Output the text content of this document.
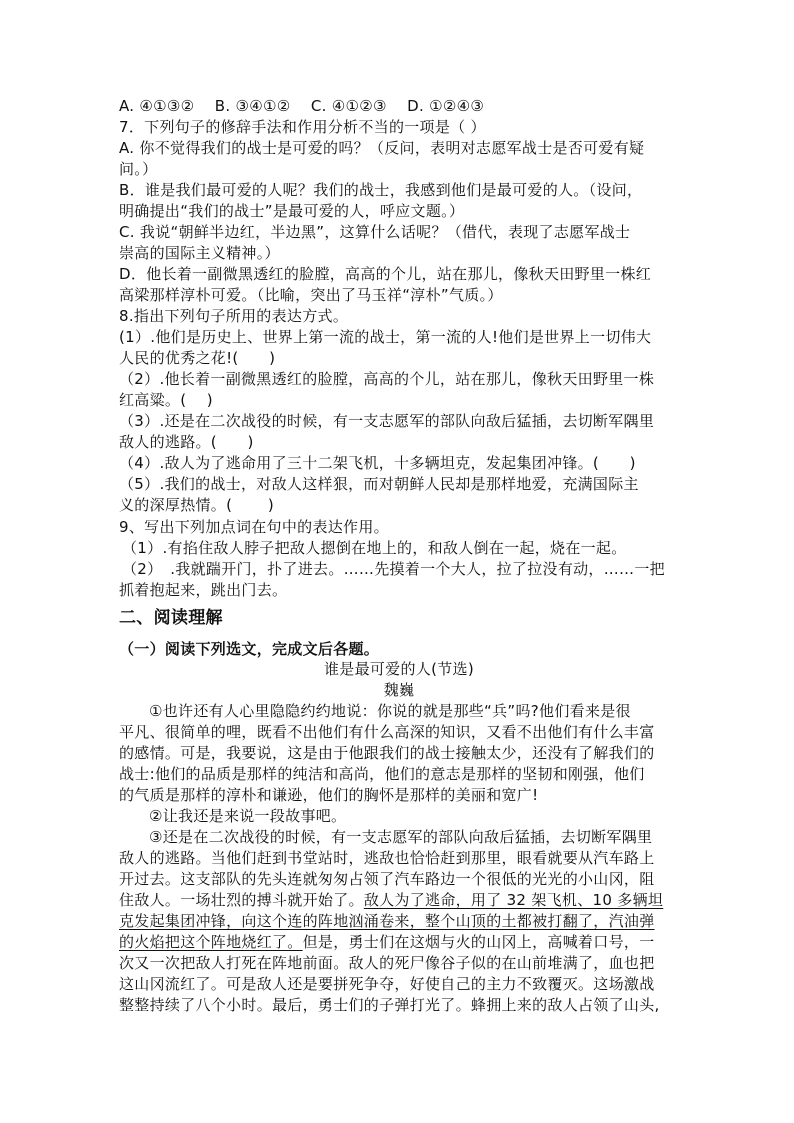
A. ④①③②　 B. ③④①②　 C. ④①②③　 D. ①②④③
7．下列句子的修辞手法和作用分析不当的一项是（ ）
A. 你不觉得我们的战士是可爱的吗？（反问，表明对志愿军战士是否可爱有疑
问。）
B．谁是我们最可爱的人呢？我们的战士，我感到他们是最可爱的人。（设问，
明确提出“我们的战士”是最可爱的人，呼应文题。）
C. 我说“朝鲜半边红，半边黑”，这算什么话呢？（借代，表现了志愿军战士
崇高的国际主义精神。）
D．他长着一副微黑透红的脸膛，高高的个儿，站在那儿，像秋天田野里一株红
高梁那样淳朴可爱。（比喻，突出了马玉祥“淳朴”气质。）
8.指出下列句子所用的表达方式。
(1）.他们是历史上、世界上第一流的战士，第一流的人!他们是世界上一切伟大
人民的优秀之花!(　　)
（2）.他长着一副微黑透红的脸膛，高高的个儿，站在那儿，像秋天田野里一株
红高粱。(　 )
（3）.还是在二次战役的时候，有一支志愿军的部队向敌后猛插，去切断军隅里
敌人的逃路。(　　)
（4）.敌人为了逃命用了三十二架飞机，十多辆坦克，发起集团冲锋。(　　)
（5）.我们的战士，对敌人这样狠，而对朝鲜人民却是那样地爱，充满国际主
义的深厚热情。(　　 )
9、写出下列加点词在句中的表达作用。
（1）.有掐住敌人脖子把敌人摁倒在地上的，和敌人倒在一起，烧在一起。
（2）　.我就踹开门，扑了进去。……先摸着一个大人，拉了拉没有动，……一把
抓着抱起来，跳出门去。
二、阅读理解
（一）阅读下列选文，完成文后各题。
谁是最可爱的人(节选)
魏巍
①也许还有人心里隐隐约约地说：你说的就是那些“兵”吗?他们看来是很
平凡、很简单的哩，既看不出他们有什么高深的知识，又看不出他们有什么丰富
的感情。可是，我要说，这是由于他跟我们的战士接触太少，还没有了解我们的
战士:他们的品质是那样的纯洁和高尚，他们的意志是那样的坚韧和刚强，他们
的气质是那样的淳朴和谦逊，他们的胸怀是那样的美丽和宽广!
②让我还是来说一段故事吧。
③还是在二次战役的时候，有一支志愿军的部队向敌后猛插，去切断军隅里
敌人的逃路。当他们赶到书堂站时，逃敌也恰恰赶到那里，眼看就要从汽车路上
开过去。这支部队的先头连就匆匆占领了汽车路边一个很低的光光的小山冈，阻
住敌人。一场壮烈的搏斗就开始了。敌人为了逃命，用了 32 架飞机、10 多辆坦
克发起集团冲锋，向这个连的阵地汹涌卷来，整个山顶的土都被打翻了，汽油弹
的火焰把这个阵地烧红了。但是，勇士们在这烟与火的山冈上，高喊着口号，一
次又一次把敌人打死在阵地前面。敌人的死尸像谷子似的在山前堆满了，血也把
这山冈流红了。可是敌人还是要拼死争夺，好使自己的主力不致覆灭。这场激战
整整持续了八个小时。最后，勇士们的子弹打光了。蜂拥上来的敌人占领了山头,
